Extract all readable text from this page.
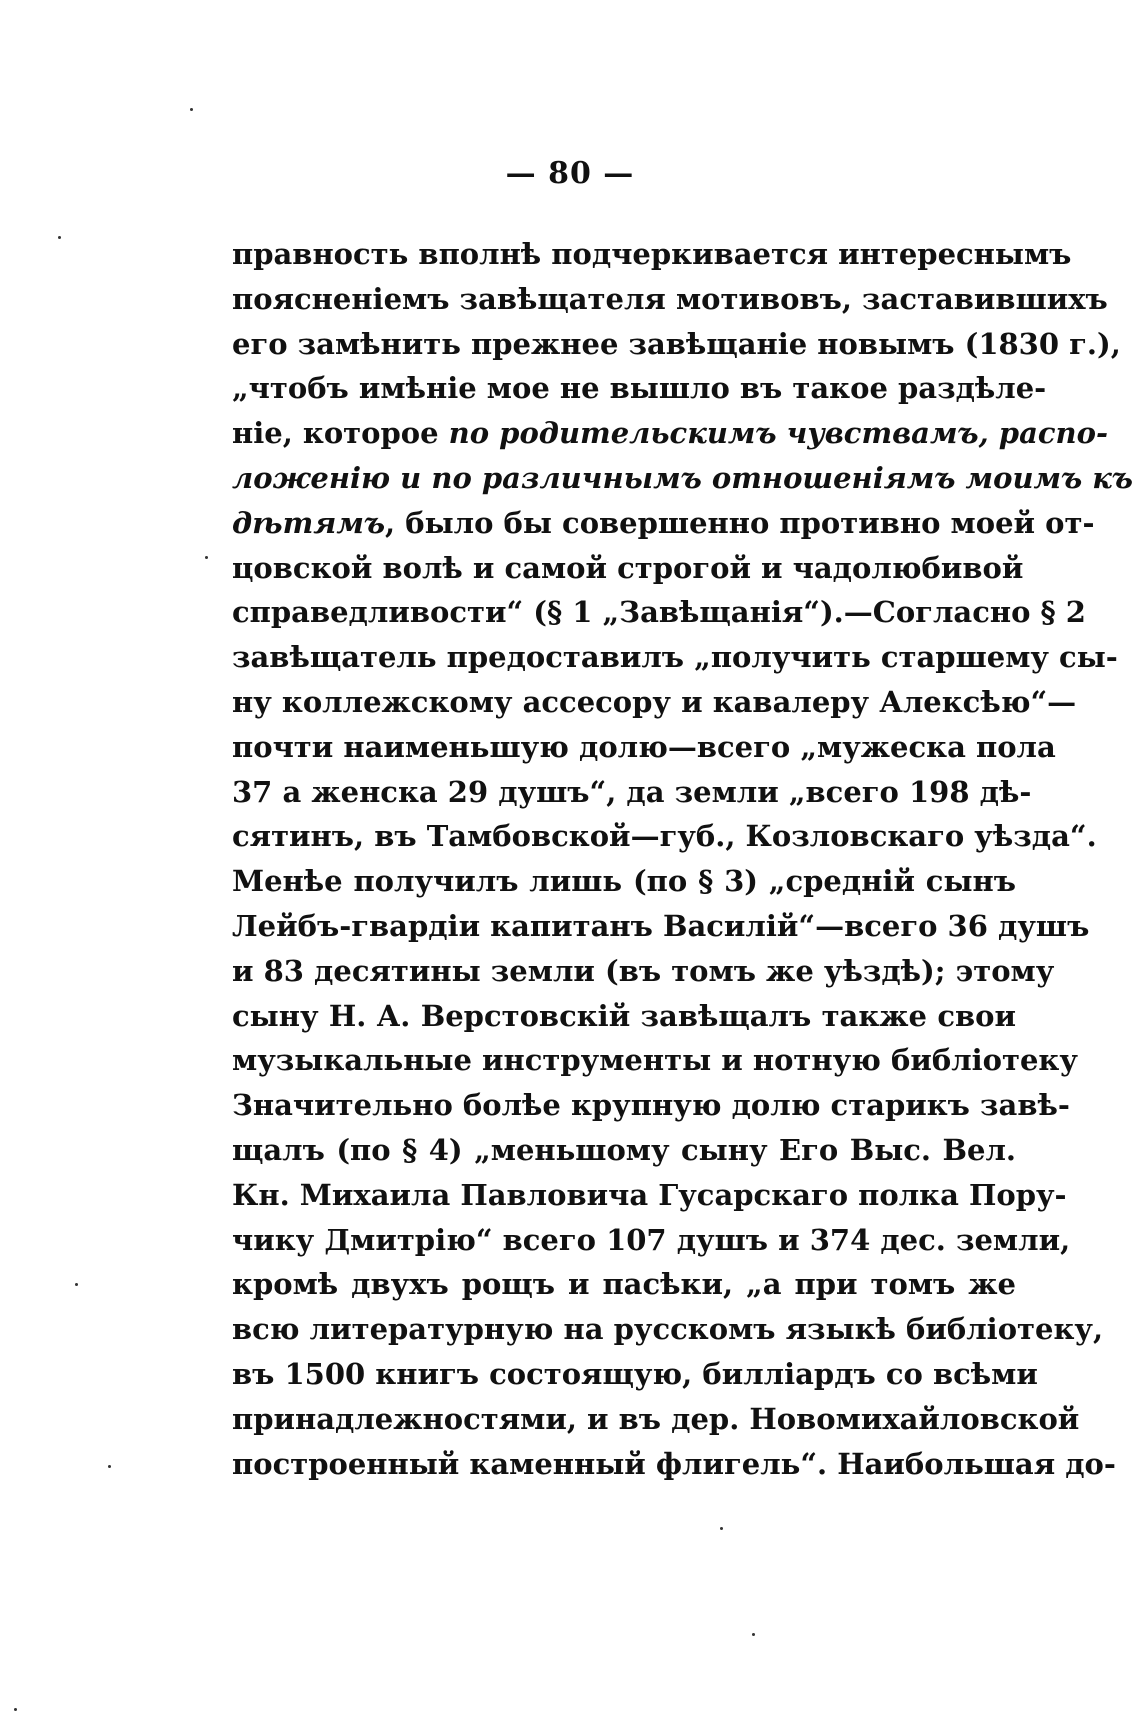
— 80 —
правность вполнѣ подчеркивается интереснымъ
поясненіемъ завѣщателя мотивовъ, заставившихъ
его замѣнить прежнее завѣщаніе новымъ (1830 г.),
„чтобъ имѣніе мое не вышло въ такое раздѣле-
ніе, которое по родительскимъ чувствамъ, распо-
ложенію и по различнымъ отношеніямъ моимъ къ
дѣтямъ, было бы совершенно противно моей от-
цовской волѣ и самой строгой и чадолюбивой
справедливости“ (§ 1 „Завѣщанія“).—Согласно § 2
завѣщатель предоставилъ „получить старшему сы-
ну коллежскому ассесору и кавалеру Алексѣю“—
почти наименьшую долю—всего „мужеска пола
37 а женска 29 душъ“, да земли „всего 198 дѣ-
сятинъ, въ Тамбовской—губ., Козловскаго уѣзда“.
Менѣе получилъ лишь (по § 3) „средній сынъ
Лейбъ-гвардіи капитанъ Василій“—всего 36 душъ
и 83 десятины земли (въ томъ же уѣздѣ); этому
сыну Н. А. Верстовскій завѣщалъ также свои
музыкальные инструменты и нотную библіотеку
Значительно болѣе крупную долю старикъ завѣ-
щалъ (по § 4) „меньшому сыну Его Выс. Вел.
Кн. Михаила Павловича Гусарскаго полка Пору-
чику Дмитрію“ всего 107 душъ и 374 дес. земли,
кромѣ двухъ рощъ и пасѣки, „а при томъ же
всю литературную на русскомъ языкѣ библіотеку,
въ 1500 книгъ состоящую, билліардъ со всѣми
принадлежностями, и въ дер. Новомихайловской
построенный каменный флигель“. Наибольшая до-
